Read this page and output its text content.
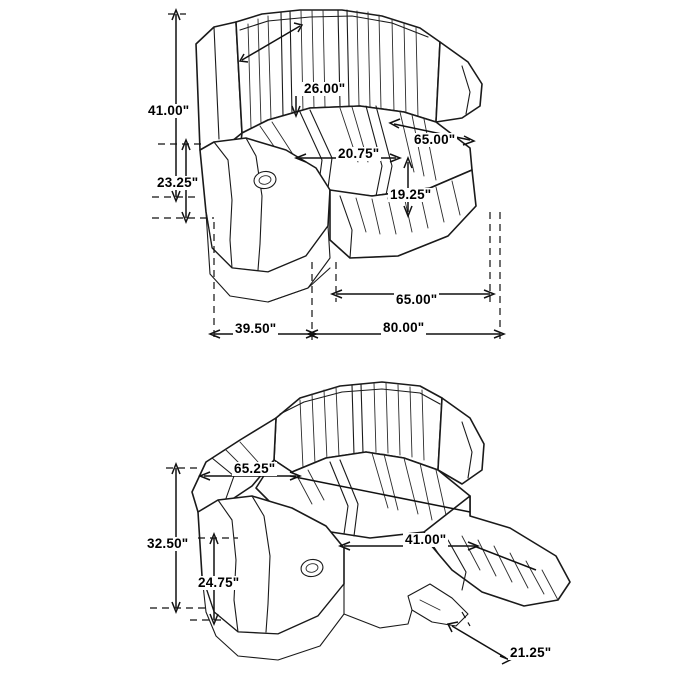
41.00"
23.25"
26.00"
20.75"
65.00"
19.25"
65.00"
39.50"	80.00"
65.25"
32.50"
24.75"
41.00"
21.25"
